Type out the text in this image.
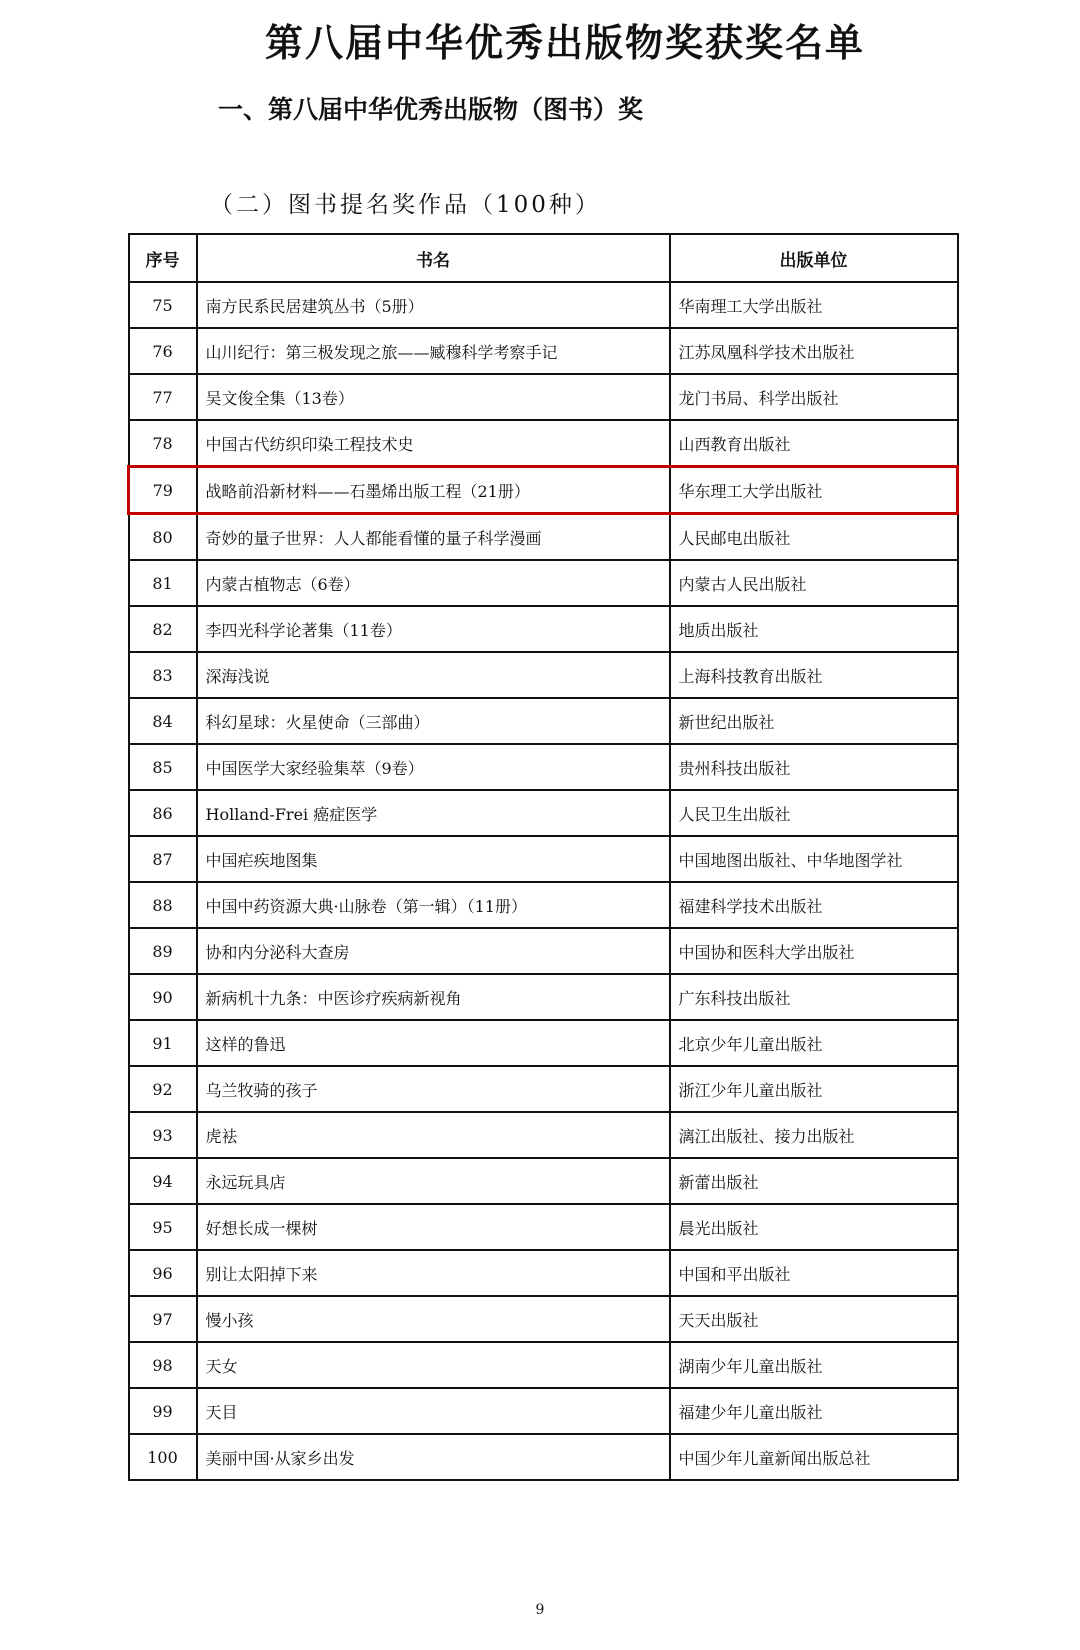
第八届中华优秀出版物奖获奖名单
一、第八届中华优秀出版物（图书）奖
（二）图书提名奖作品（100种）
序号	书名	出版单位
75	南方民系民居建筑丛书（5册）	华南理工大学出版社
76	山川纪行：第三极发现之旅——臧穆科学考察手记	江苏凤凰科学技术出版社
77	吴文俊全集（13卷）	龙门书局、科学出版社
78	中国古代纺织印染工程技术史	山西教育出版社
79	战略前沿新材料——石墨烯出版工程（21册）	华东理工大学出版社
80	奇妙的量子世界：人人都能看懂的量子科学漫画	人民邮电出版社
81	内蒙古植物志（6卷）	内蒙古人民出版社
82	李四光科学论著集（11卷）	地质出版社
83	深海浅说	上海科技教育出版社
84	科幻星球：火星使命（三部曲）	新世纪出版社
85	中国医学大家经验集萃（9卷）	贵州科技出版社
86	Holland-Frei 癌症医学	人民卫生出版社
87	中国疟疾地图集	中国地图出版社、中华地图学社
88	中国中药资源大典·山脉卷（第一辑）（11册）	福建科学技术出版社
89	协和内分泌科大查房	中国协和医科大学出版社
90	新病机十九条：中医诊疗疾病新视角	广东科技出版社
91	这样的鲁迅	北京少年儿童出版社
92	乌兰牧骑的孩子	浙江少年儿童出版社
93	虎袪	漓江出版社、接力出版社
94	永远玩具店	新蕾出版社
95	好想长成一棵树	晨光出版社
96	别让太阳掉下来	中国和平出版社
97	慢小孩	天天出版社
98	天女	湖南少年儿童出版社
99	天目	福建少年儿童出版社
100	美丽中国·从家乡出发	中国少年儿童新闻出版总社
9
